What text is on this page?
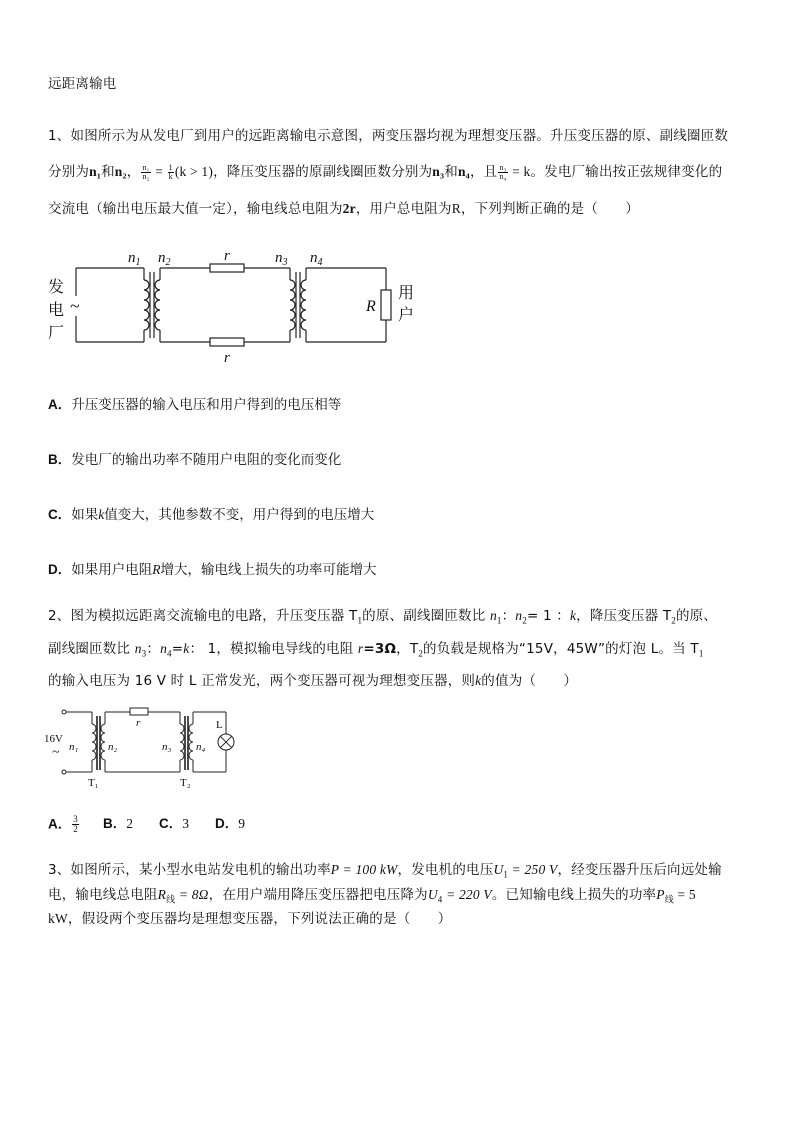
远距离输电
1、如图所示为从发电厂到用户的远距离输电示意图，两变压器均视为理想变压器。升压变压器的原、副线圈匝数
分别为n₁和n₂， $\frac{\text{n₁}}{\text{n₂}} = \frac{1}{k} (k > 1)$，降压变压器的原副线圈匝数分别为n₃和n₄，且 $\frac{\text{n₃}}{\text{n₄}} = k$。发电厂输出按正弦规律变化的
交流电（输出电压最大值一定），输电线总电阻为2r，用户总电阻为R，下列判断正确的是（　　）
$n_1$ $n_2$	$n_3$ $n_4$
r
r
R
发
电
厂
~
用
户
A．升压变压器的输入电压和用户得到的电压相等
B．发电厂的输出功率不随用户电阻的变化而变化
C．如果k值变大，其他参数不变，用户得到的电压增大
D．如果用户电阻R增大，输电线上损失的功率可能增大
2、图为模拟远距离交流输电的电路，升压变压器 $T_1$的原、副线圈匝数比 $n_1$：$n_2= 1$ ：k，降压变压器 $T_2$的原、
副线圈匝数比 $n_3$：$n_4=k$： 1，模拟输电导线的电阻 r=3Ω，$T_2$的负载是规格为“15V，45W”的灯泡 L。当 $T_1$
的输入电压为 16 V 时 L 正常发光，两个变压器可视为理想变压器，则k的值为（　　）
16V
~ n₁	n₂	n₃ n₄
r	L
T₁	T₂
A． $\frac{3}{2}$ B．2 C．3 D．9
3、如图所示，某小型水电站发电机的输出功率P = 100 kW，发电机的电压$U_1 = 250$ V，经变压器升压后向远处输
电，输电线总电阻$R_线 = 8\Omega$，在用户端用降压变压器把电压降为$U_4 = 220$ V。已知输电线上损失的功率$P_线 = 5$
kW，假设两个变压器均是理想变压器，下列说法正确的是（　　）
